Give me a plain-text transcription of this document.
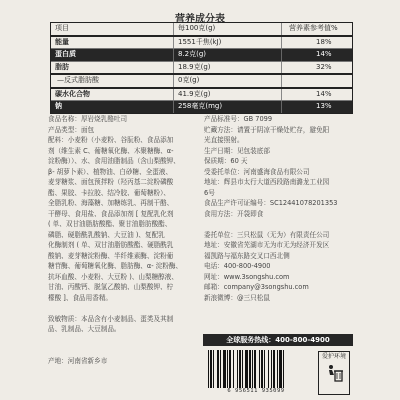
营养成分表
项目	每100克(g)	营养素参考值%
能量	1551千焦(kJ)	18%
蛋白质	8.2克(g)	14%
脂肪	18.9克(g)	32%
—反式脂肪酸	0克(g)
碳水化合物	41.9克(g)	14%
钠	258毫克(mg)	13%

食品名称：厚岩烧乳酪吐司

产品类型：面包

配料：小麦粉（小麦粉、谷朊粉、食品添加

剂（维生素 C、葡糖氧化酶、木聚糖酶、α-

淀粉酶））、水、食用油脂制品（含山梨酸钾、

β- 胡萝卜素）、植物油、白砂糖、全蛋液、

麦芽糖浆、面包预拌粉（羟丙基二淀粉磷酸

酯、果胶、卡拉胶、结冷胶、葡萄糖粉）、

全脂乳粉、海藻糖、加糖练乳、再制干酪、

干酵母、食用盐、食品添加剂 [ 复配乳化剂

( 单、双甘油脂肪酸酯、聚甘油脂肪酸酯、

磷脂、硬脂酰乳酸钠、大豆油 )、复配乳

化酶制剂 ( 单、双甘油脂肪酸酯、硬脂酰乳

酸钠、麦芽糖淀粉酶、半纤维素酶、淀粉葡

糖苷酶、葡萄糖氧化酶、脂肪酶、α- 淀粉酶、

抗坏血酸、小麦粉、大豆粉 )、山梨糖醇液、

甘油、丙酸钙、脱氢乙酸钠、山梨酸钾、柠

檬酸 ]、食品用香精。

致敏物质：本品含有小麦制品、蛋类及其制
品、乳制品、大豆制品。
产地：河南省新乡市

产品标准号：GB 7099

贮藏方法：请置于阴凉干燥处贮存，避免阳

光直接照射。

生产日期：见包装底部

保质期：60 天

受委托单位：河南盛海食品有限公司

地址：辉县市太行大道西段路南潞龙工业园

6号

食品生产许可证编号：SC12441078201353

食用方法：开袋即食

委托单位：三只松鼠（无为）有限责任公司

地址：安徽省芜湖市无为市无为经济开发区

福凯路与福东路交叉口西北侧

电话：400-800-4900

网址：www.3songshu.com

邮箱：company@3songshu.com

新浪微博：@三只松鼠

全球服务热线：400-800-4900
6 956511 935099
爱护环境
